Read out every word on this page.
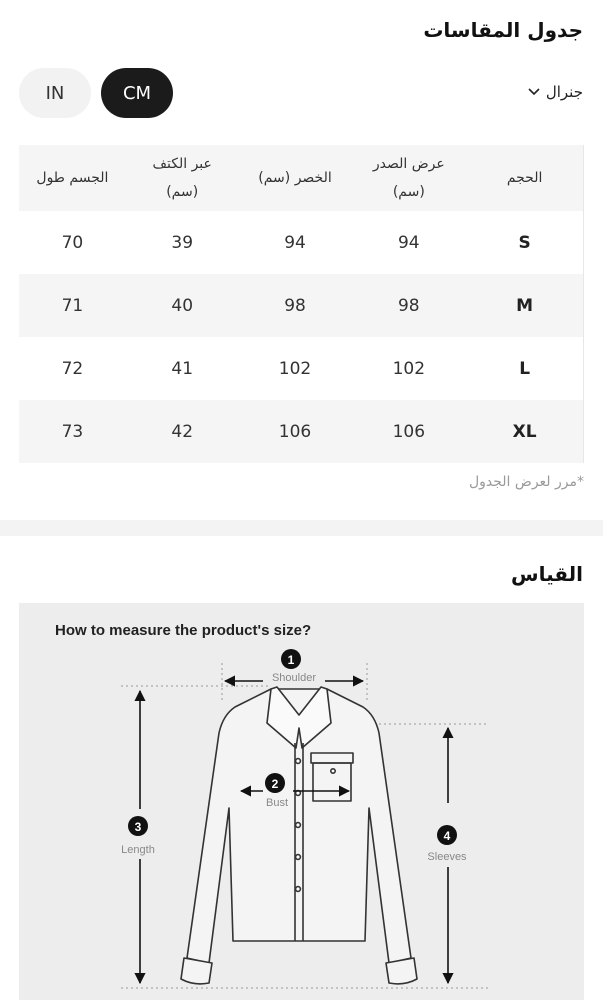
جدول المقاسات
IN	CM	جنرال
الحجم
عرض الصدر
(سم)
الخصر (سم)
عبر الكتف
(سم)
الجسم طول
S
94
94
39
70
M
98
98
40
71
L
102
102
41
72
XL
106
106
42
73
*مرر لعرض الجدول
القياس
How to measure the product's size?
1
Shoulder
2
Bust
3
Length
4
Sleeves
